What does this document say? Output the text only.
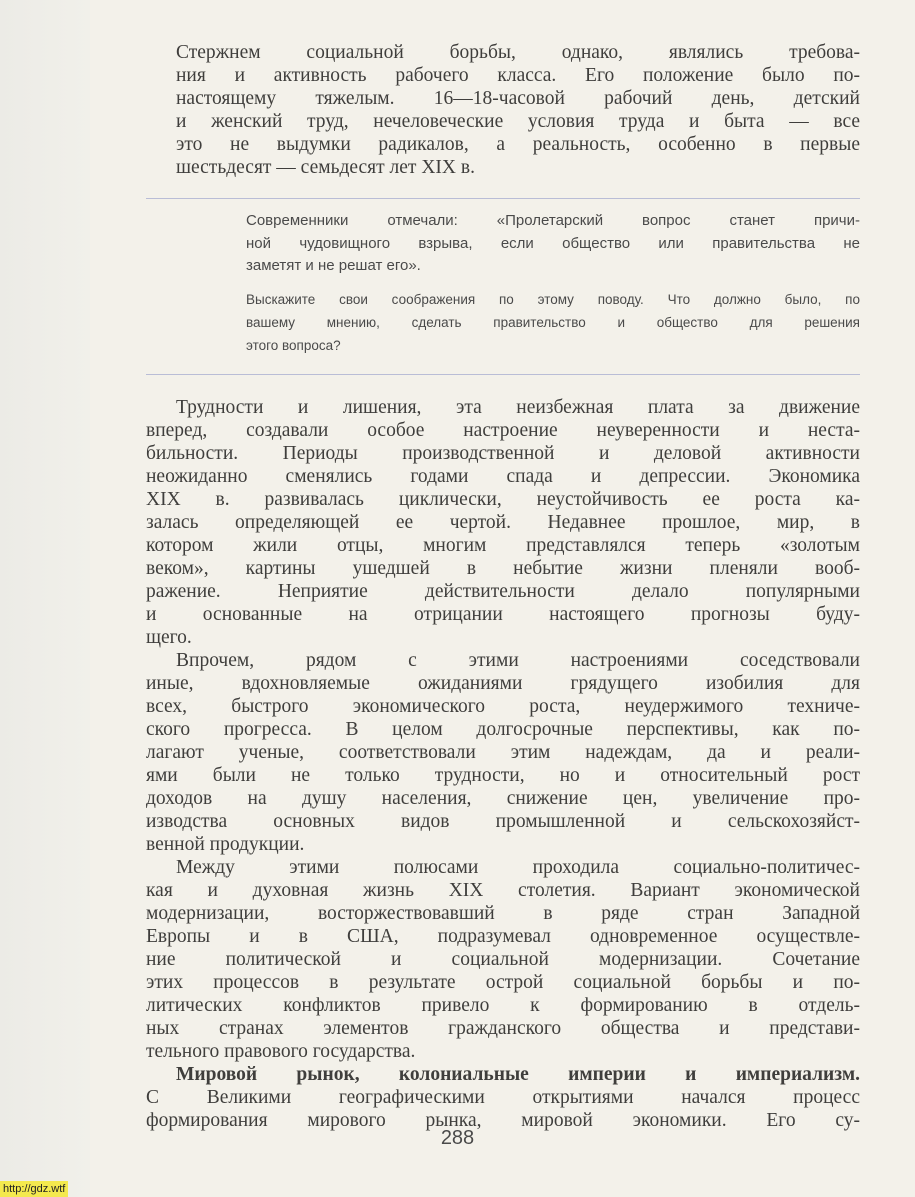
Стержнем социальной борьбы, однако, являлись требова-
ния и активность рабочего класса. Его положение было по-
настоящему тяжелым. 16—18-часовой рабочий день, детский
и женский труд, нечеловеческие условия труда и быта — все
это не выдумки радикалов, а реальность, особенно в первые
шестьдесят — семьдесят лет XIX в.
Современники отмечали: «Пролетарский вопрос станет причи-
ной чудовищного взрыва, если общество или правительства не
заметят и не решат его».
Выскажите свои соображения по этому поводу. Что должно было, по
вашему мнению, сделать правительство и общество для решения
этого вопроса?
Трудности и лишения, эта неизбежная плата за движение
вперед, создавали особое настроение неуверенности и неста-
бильности. Периоды производственной и деловой активности
неожиданно сменялись годами спада и депрессии. Экономика
XIX в. развивалась циклически, неустойчивость ее роста ка-
залась определяющей ее чертой. Недавнее прошлое, мир, в
котором жили отцы, многим представлялся теперь «золотым
веком», картины ушедшей в небытие жизни пленяли вооб-
ражение. Неприятие действительности делало популярными
и основанные на отрицании настоящего прогнозы буду-
щего.
Впрочем, рядом с этими настроениями соседствовали
иные, вдохновляемые ожиданиями грядущего изобилия для
всех, быстрого экономического роста, неудержимого техниче-
ского прогресса. В целом долгосрочные перспективы, как по-
лагают ученые, соответствовали этим надеждам, да и реали-
ями были не только трудности, но и относительный рост
доходов на душу населения, снижение цен, увеличение про-
изводства основных видов промышленной и сельскохозяйст-
венной продукции.
Между этими полюсами проходила социально-политичес-
кая и духовная жизнь XIX столетия. Вариант экономической
модернизации, восторжествовавший в ряде стран Западной
Европы и в США, подразумевал одновременное осуществле-
ние политической и социальной модернизации. Сочетание
этих процессов в результате острой социальной борьбы и по-
литических конфликтов привело к формированию в отдель-
ных странах элементов гражданского общества и представи-
тельного правового государства.
Мировой рынок, колониальные империи и империализм.
С Великими географическими открытиями начался процесс
формирования мирового рынка, мировой экономики. Его су-
288
http://gdz.wtf
